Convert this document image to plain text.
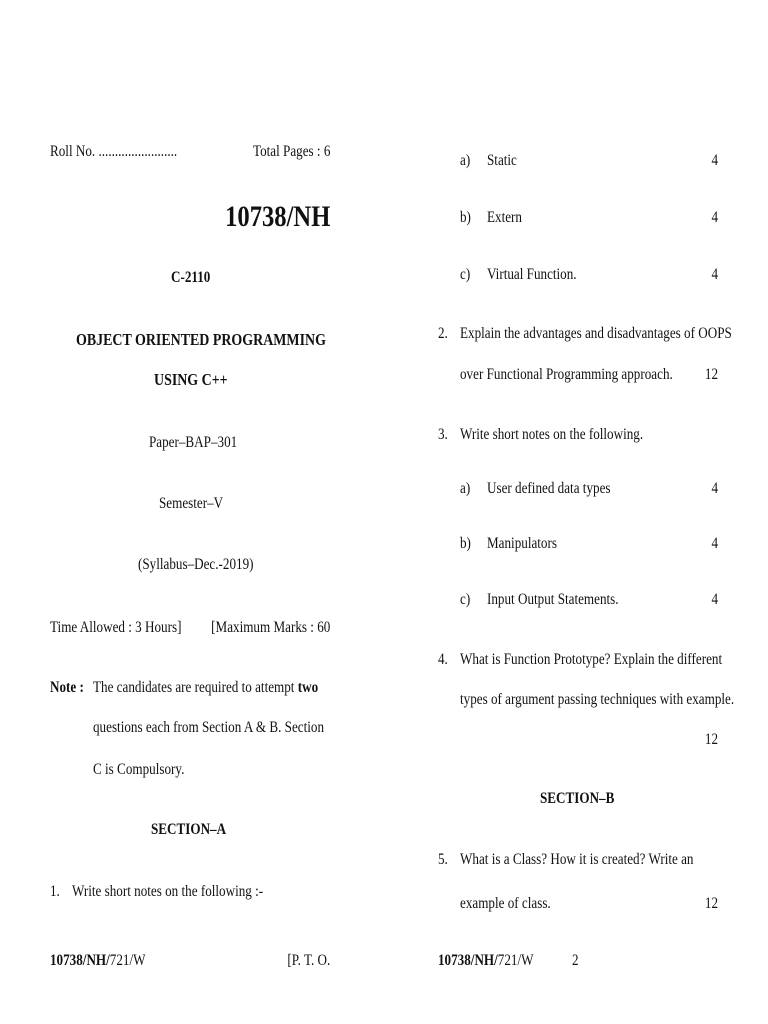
Roll No. ........................	Total Pages : 6
10738/NH
C-2110
OBJECT ORIENTED PROGRAMMING
USING C++
Paper–BAP–301
Semester–V
(Syllabus–Dec.-2019)
Time Allowed : 3 Hours] [Maximum Marks : 60
Note : The candidates are required to attempt two
questions each from Section A & B. Section
C is Compulsory.
SECTION–A
1. Write short notes on the following :-
10738/NH/721/W	[P. T. O.
a) Static	4
b) Extern	4
c) Virtual Function.	4
2. Explain the advantages and disadvantages of OOPS
over Functional Programming approach. 12
3. Write short notes on the following.
a) User defined data types	4
b) Manipulators	4
c) Input Output Statements.	4
4. What is Function Prototype? Explain the different
types of argument passing techniques with example.
12
SECTION–B
5. What is a Class? How it is created? Write an
example of class.	12
10738/NH/721/W 2
